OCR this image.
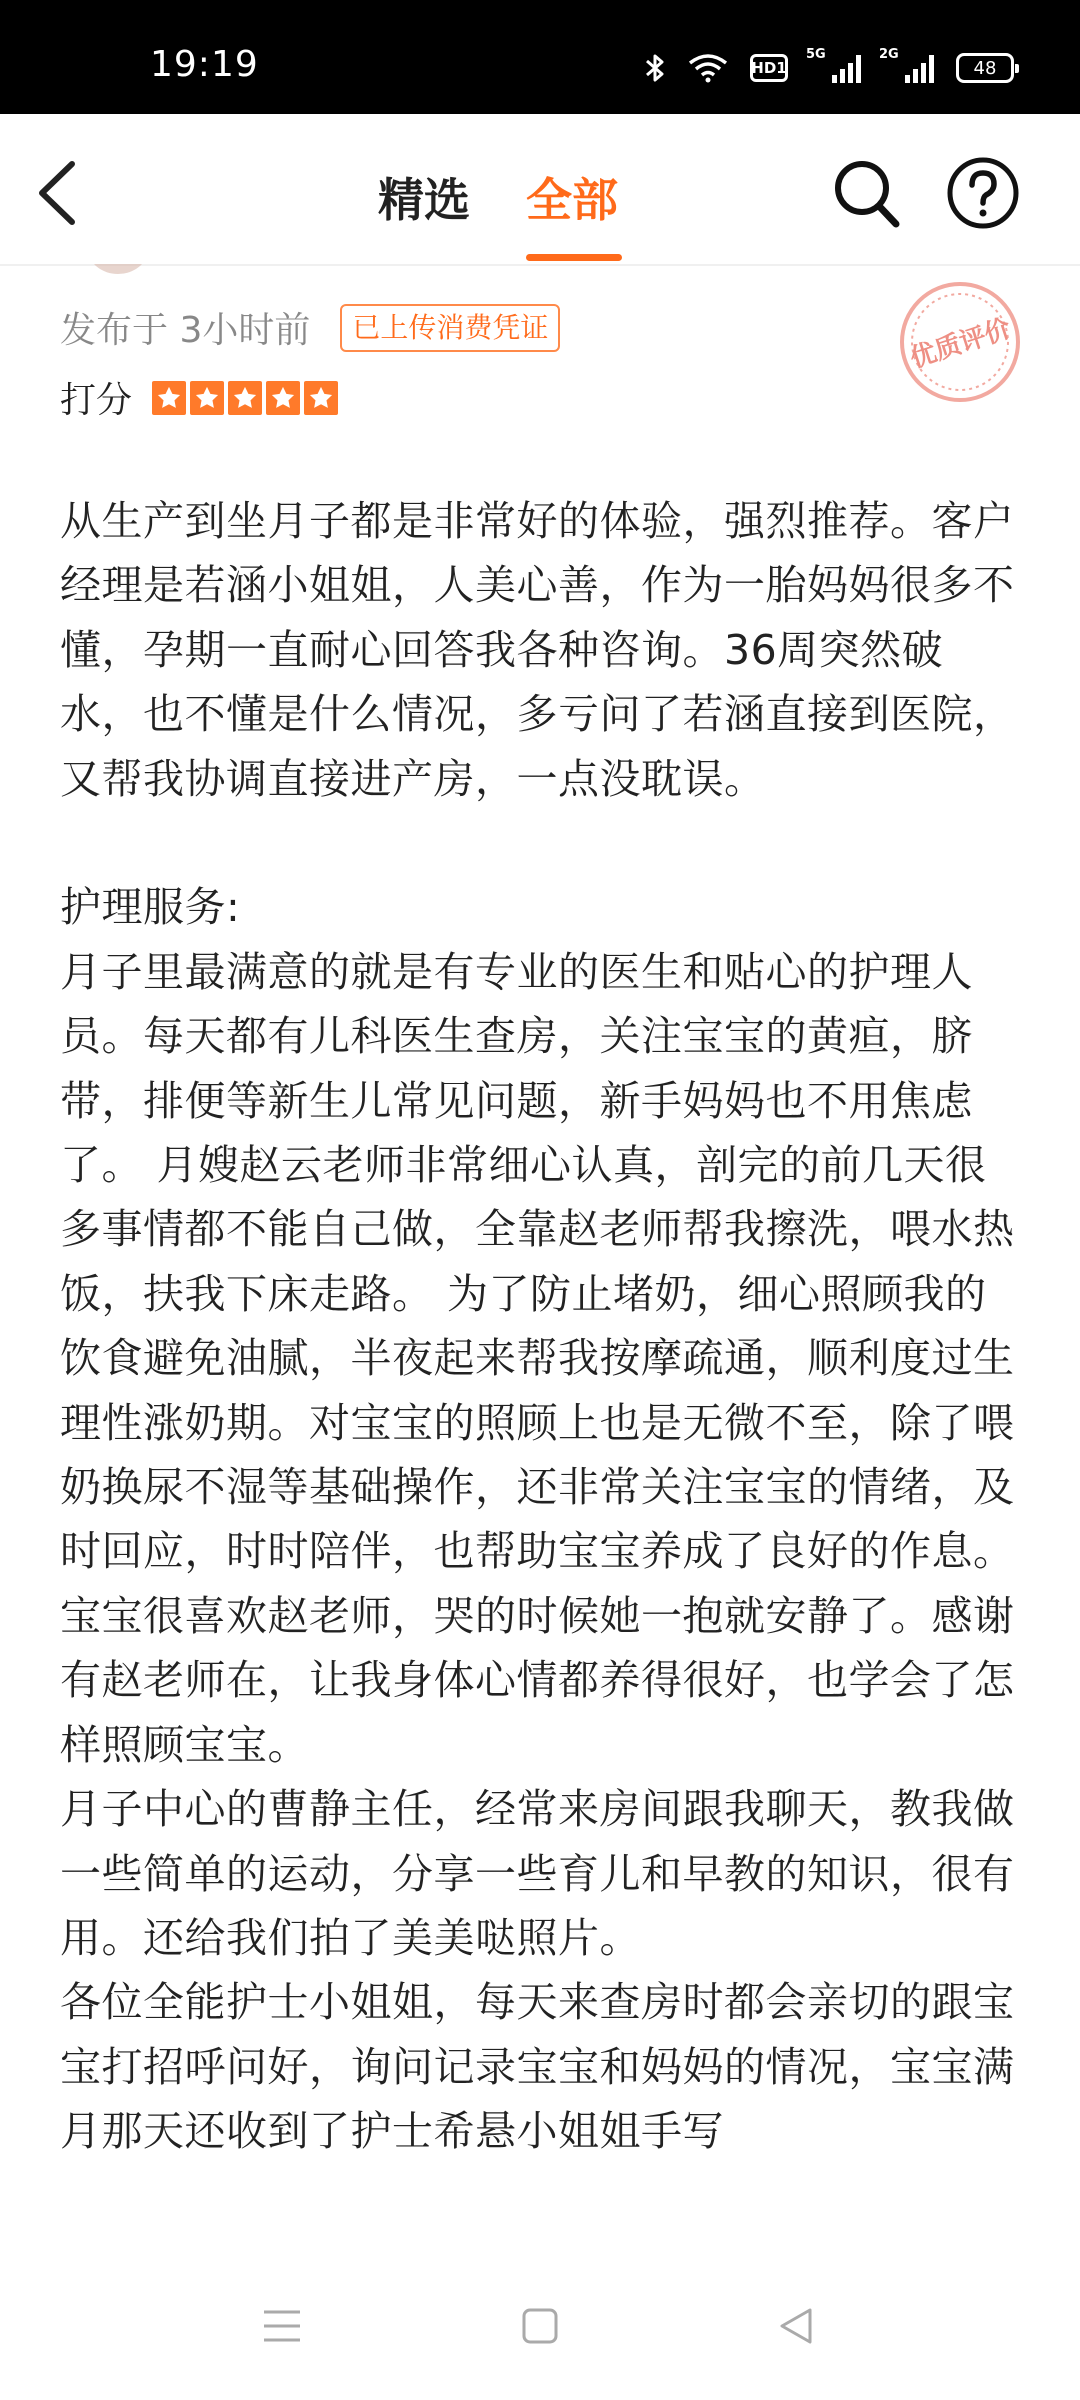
19:19	HD1
5G	2G
48
精选 全部
发布于 3小时前	已上传消费凭证	优质评价
打分

从生产到坐月子都是非常好的体验，强烈推荐。客户经理是若涵小姐姐，人美心善，作为一胎妈妈很多不懂，孕期一直耐心回答我各种咨询。36周突然破水，也不懂是什么情况，多亏问了若涵直接到医院，又帮我协调直接进产房，一点没耽误。

护理服务:

月子里最满意的就是有专业的医生和贴心的护理人员。每天都有儿科医生查房，关注宝宝的黄疸，脐带，排便等新生儿常见问题，新手妈妈也不用焦虑了。 月嫂赵云老师非常细心认真，剖完的前几天很多事情都不能自己做，全靠赵老师帮我擦洗，喂水热饭，扶我下床走路。 为了防止堵奶，细心照顾我的饮食避免油腻，半夜起来帮我按摩疏通，顺利度过生理性涨奶期。对宝宝的照顾上也是无微不至，除了喂奶换尿不湿等基础操作，还非常关注宝宝的情绪，及时回应，时时陪伴，也帮助宝宝养成了良好的作息。宝宝很喜欢赵老师，哭的时候她一抱就安静了。感谢有赵老师在，让我身体心情都养得很好，也学会了怎样照顾宝宝。

月子中心的曹静主任，经常来房间跟我聊天，教我做一些简单的运动，分享一些育儿和早教的知识，很有用。还给我们拍了美美哒照片。

各位全能护士小姐姐，每天来查房时都会亲切的跟宝宝打招呼问好，询问记录宝宝和妈妈的情况，宝宝满月那天还收到了护士希悬小姐姐手写
